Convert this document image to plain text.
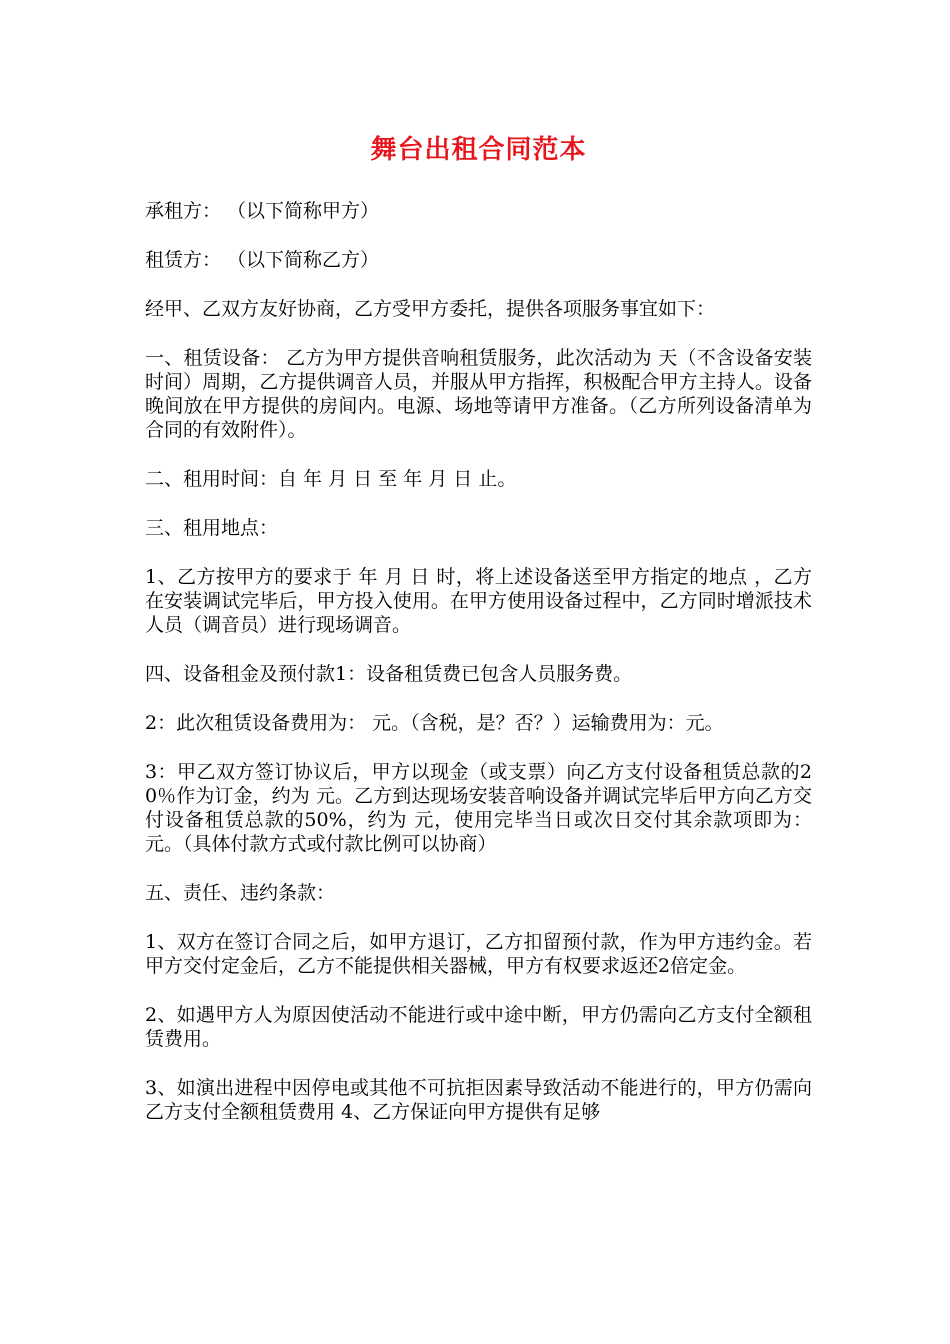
舞台出租合同范本

承租方： （以下简称甲方）

租赁方： （以下简称乙方）

经甲、乙双方友好协商，乙方受甲方委托，提供各项服务事宜如下：

一、租赁设备： 乙方为甲方提供音响租赁服务，此次活动为 天（不含设备安装时间）周期，乙方提供调音人员，并服从甲方指挥，积极配合甲方主持人。设备晚间放在甲方提供的房间内。电源、场地等请甲方准备。（乙方所列设备清单为合同的有效附件）。

二、租用时间：自 年 月 日 至 年 月 日 止。

三、租用地点：

1、乙方按甲方的要求于 年 月 日 时，将上述设备送至甲方指定的地点 ，乙方在安装调试完毕后，甲方投入使用。在甲方使用设备过程中，乙方同时增派技术人员（调音员）进行现场调音。

四、设备租金及预付款1：设备租赁费已包含人员服务费。

2：此次租赁设备费用为： 元。（含税，是？否？）运输费用为：元。

3：甲乙双方签订协议后，甲方以现金（或支票）向乙方支付设备租赁总款的20％作为订金，约为 元。乙方到达现场安装音响设备并调试完毕后甲方向乙方交付设备租赁总款的50%，约为 元，使用完毕当日或次日交付其余款项即为： 元。（具体付款方式或付款比例可以协商）

五、责任、违约条款：

1、双方在签订合同之后，如甲方退订，乙方扣留预付款，作为甲方违约金。若甲方交付定金后，乙方不能提供相关器械，甲方有权要求返还2倍定金。

2、如遇甲方人为原因使活动不能进行或中途中断，甲方仍需向乙方支付全额租赁费用。

3、如演出进程中因停电或其他不可抗拒因素导致活动不能进行的，甲方仍需向乙方支付全额租赁费用 4、乙方保证向甲方提供有足够
